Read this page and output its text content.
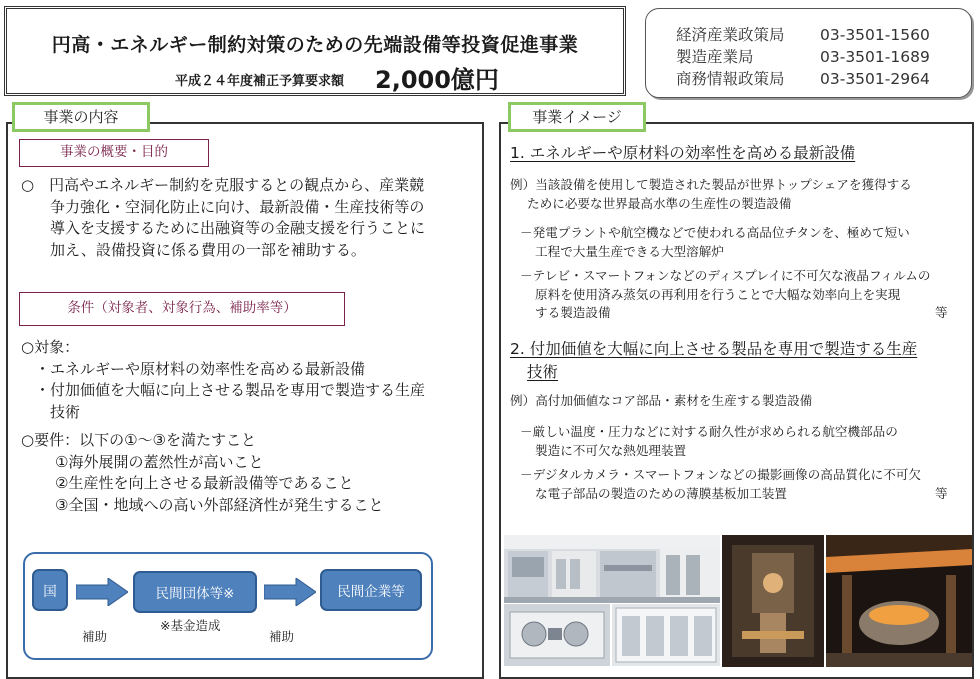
円高・エネルギー制約対策のための先端設備等投資促進事業
平成２４年度補正予算要求額 2,000億円
経済産業政策局 03-3501-1560
製造産業局	03-3501-1689
商務情報政策局 03-3501-2964
事業の内容
事業の概要・目的
○　円高やエネルギー制約を克服するとの観点から、産業競
争力強化・空洞化防止に向け、最新設備・生産技術等の
導入を支援するために出融資等の金融支援を行うことに
加え、設備投資に係る費用の一部を補助する。
条件（対象者、対象行為、補助率等）
○対象：
・エネルギーや原材料の効率性を高める最新設備
・付加価値を大幅に向上させる製品を専用で製造する生産
　技術
○要件：以下の①～③を満たすこと
①海外展開の蓋然性が高いこと
②生産性を向上させる最新設備等であること
③全国・地域への高い外部経済性が発生すること
国	民間団体等※	民間企業等
補助
※基金造成
補助
事業イメージ
1. エネルギーや原材料の効率性を高める最新設備
例）当該設備を使用して製造された製品が世界トップシェアを獲得する
ために必要な世界最高水準の生産性の製造設備
－発電プラントや航空機などで使われる高品位チタンを、極めて短い
工程で大量生産できる大型溶解炉
－テレビ・スマートフォンなどのディスプレイに不可欠な液晶フィルムの
原料を使用済み蒸気の再利用を行うことで大幅な効率向上を実現
する製造設備	等
2. 付加価値を大幅に向上させる製品を専用で製造する生産
技術
例）高付加価値なコア部品・素材を生産する製造設備
－厳しい温度・圧力などに対する耐久性が求められる航空機部品の
製造に不可欠な熱処理装置
－デジタルカメラ・スマートフォンなどの撮影画像の高品質化に不可欠
な電子部品の製造のための薄膜基板加工装置	等
